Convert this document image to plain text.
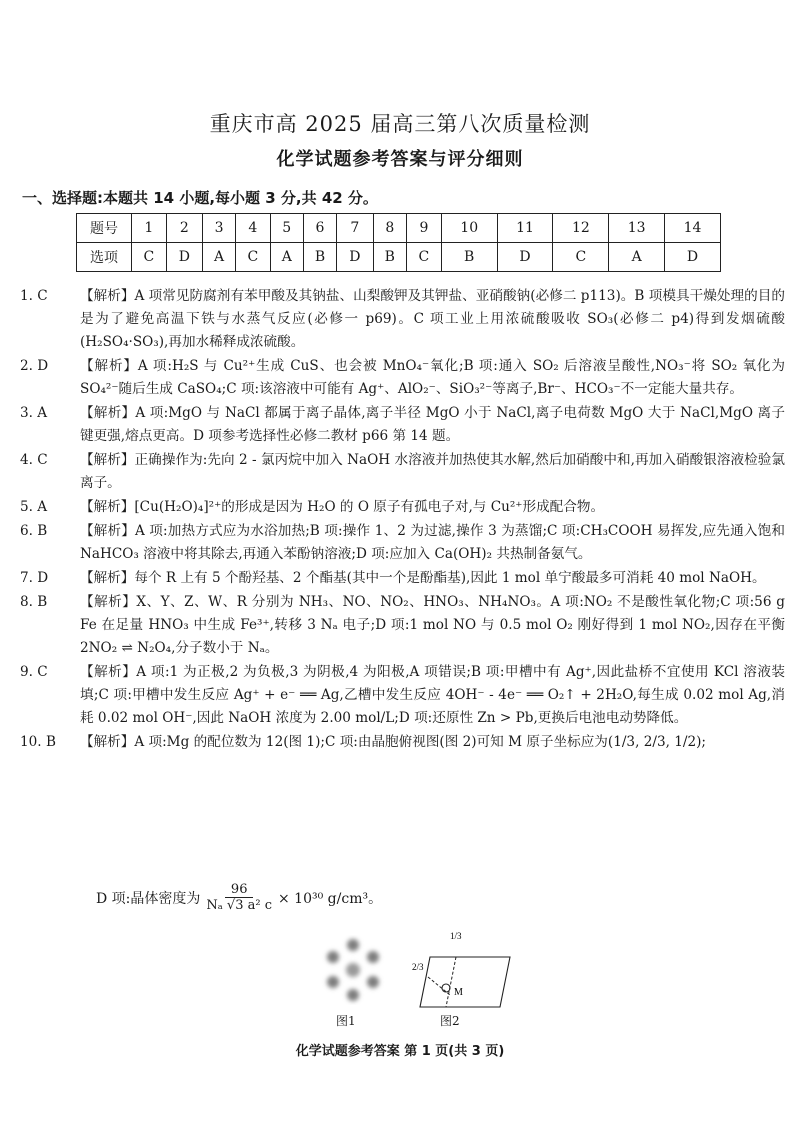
重庆市高 2025 届高三第八次质量检测
化学试题参考答案与评分细则
一、选择题:本题共 14 小题,每小题 3 分,共 42 分。
题号	1	2	3	4	5	6	7	8	9	10	11	12	13	14
选项	C	D	A	C	A	B	D	B	C	B	D	C	A	D
1. C	【解析】A 项常见防腐剂有苯甲酸及其钠盐、山梨酸钾及其钾盐、亚硝酸钠(必修二 p113)。B 项模具干燥处理的目的是为了避免高温下铁与水蒸气反应(必修一 p69)。C 项工业上用浓硫酸吸收 SO₃(必修二 p4)得到发烟硫酸(H₂SO₄·SO₃),再加水稀释成浓硫酸。
2. D	【解析】A 项:H₂S 与 Cu²⁺生成 CuS、也会被 MnO₄⁻氧化;B 项:通入 SO₂ 后溶液呈酸性,NO₃⁻将 SO₂ 氧化为 SO₄²⁻随后生成 CaSO₄;C 项:该溶液中可能有 Ag⁺、AlO₂⁻、SiO₃²⁻等离子,Br⁻、HCO₃⁻不一定能大量共存。
3. A	【解析】A 项:MgO 与 NaCl 都属于离子晶体,离子半径 MgO 小于 NaCl,离子电荷数 MgO 大于 NaCl,MgO 离子键更强,熔点更高。D 项参考选择性必修二教材 p66 第 14 题。
4. C	【解析】正确操作为:先向 2 - 氯丙烷中加入 NaOH 水溶液并加热使其水解,然后加硝酸中和,再加入硝酸银溶液检验氯离子。
5. A	【解析】[Cu(H₂O)₄]²⁺的形成是因为 H₂O 的 O 原子有孤电子对,与 Cu²⁺形成配合物。
6. B	【解析】A 项:加热方式应为水浴加热;B 项:操作 1、2 为过滤,操作 3 为蒸馏;C 项:CH₃COOH 易挥发,应先通入饱和 NaHCO₃ 溶液中将其除去,再通入苯酚钠溶液;D 项:应加入 Ca(OH)₂ 共热制备氨气。
7. D	【解析】每个 R 上有 5 个酚羟基、2 个酯基(其中一个是酚酯基),因此 1 mol 单宁酸最多可消耗 40 mol NaOH。
8. B	【解析】X、Y、Z、W、R 分别为 NH₃、NO、NO₂、HNO₃、NH₄NO₃。A 项:NO₂ 不是酸性氧化物;C 项:56 g Fe 在足量 HNO₃ 中生成 Fe³⁺,转移 3 Nₐ 电子;D 项:1 mol NO 与 0.5 mol O₂ 刚好得到 1 mol NO₂,因存在平衡 2NO₂ ⇌ N₂O₄,分子数小于 Nₐ。
9. C	【解析】A 项:1 为正极,2 为负极,3 为阴极,4 为阳极,A 项错误;B 项:甲槽中有 Ag⁺,因此盐桥不宜使用 KCl 溶液装填;C 项:甲槽中发生反应 Ag⁺ + e⁻ ══ Ag,乙槽中发生反应 4OH⁻ - 4e⁻ ══ O₂↑ + 2H₂O,每生成 0.02 mol Ag,消耗 0.02 mol OH⁻,因此 NaOH 浓度为 2.00 mol/L;D 项:还原性 Zn > Pb,更换后电池电动势降低。
10. B	【解析】A 项:Mg 的配位数为 12(图 1);C 项:由晶胞俯视图(图 2)可知 M 原子坐标应为(1/3, 2/3, 1/2);
D 项:晶体密度为 $\frac{96}{\text{Nₐ √3 a² c}} \times 10^{30}$ g/cm³。
M
1/3
2/3
图1	图2
化学试题参考答案 第 1 页(共 3 页)
